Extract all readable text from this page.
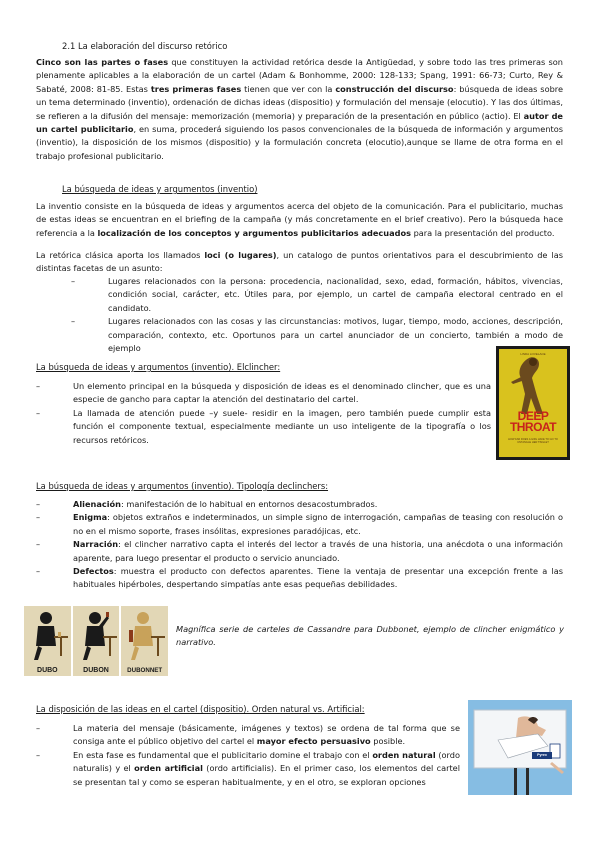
2.1 La elaboración del discurso retórico

Cinco son las partes o fases que constituyen la actividad retórica desde la Antigüedad, y sobre todo las tres primeras son plenamente aplicables a la elaboración de un cartel (Adam & Bonhomme, 2000: 128-133; Spang, 1991: 66-73; Curto, Rey & Sabaté, 2008: 81-85. Estas tres primeras fases tienen que ver con la construcción del discurso: búsqueda de ideas sobre un tema determinado (inventio), ordenación de dichas ideas (dispositio) y formulación del mensaje (elocutio). Y las dos últimas, se refieren a la difusión del mensaje: memorización (memoria) y preparación de la presentación en público (actio). El autor de un cartel publicitario, en suma, procederá siguiendo los pasos convencionales de la búsqueda de información y argumentos (inventio), la disposición de los mismos (dispositio) y la formulación concreta (elocutio),aunque se llame de otra forma en el trabajo profesional publicitario.

La búsqueda de ideas y argumentos (inventio)

La inventio consiste en la búsqueda de ideas y argumentos acerca del objeto de la comunicación. Para el publicitario, muchas de estas ideas se encuentran en el briefing de la campaña (y más concretamente en el brief creativo). Pero la búsqueda hace referencia a la localización de los conceptos y argumentos publicitarios adecuados para la presentación del producto.

La retórica clásica aporta los llamados loci (o lugares), un catalogo de puntos orientativos para el descubrimiento de las distintas facetas de un asunto:

–	Lugares relacionados con la persona: procedencia, nacionalidad, sexo, edad, formación, hábitos, vivencias, condición social, carácter, etc. Útiles para, por ejemplo, un cartel de campaña electoral centrado en el candidato.
–	Lugares relacionados con las cosas y las circunstancias: motivos, lugar, tiempo, modo, acciones, descripción, comparación, contexto, etc. Oportunos para un cartel anunciador de un concierto, también a modo de ejemplo

La búsqueda de ideas y argumentos (inventio). Elclincher:

–	Un elemento principal en la búsqueda y disposición de ideas es el denominado clincher, que es una especie de gancho para captar la atención del destinatario del cartel.
–	La llamada de atención puede –y suele- residir en la imagen, pero también puede cumplir esta función el componente textual, especialmente mediante un uso inteligente de la tipografía o los recursos retóricos.
LINDA LOVELACE
DEEP
THROAT
HOW FAR DOES A GIRL HAVE TO GO TO UNTANGLE HER TINGLE?

La búsqueda de ideas y argumentos (inventio). Tipología declinchers:

–	Alienación: manifestación de lo habitual en entornos desacostumbrados.
–	Enigma: objetos extraños e indeterminados, un simple signo de interrogación, campañas de teasing con resolución o no en el mismo soporte, frases insólitas, expresiones paradójicas, etc.
–	Narración: el clincher narrativo capta el interés del lector a través de una historia, una anécdota o una información aparente, para luego presentar el producto o servicio anunciado.
–	Defectos: muestra el producto con defectos aparentes. Tiene la ventaja de presentar una excepción frente a las habituales hipérboles, despertando simpatías ante esas pequeñas debilidades.
DUBO	DUBON	DUBONNET

Magnífica serie de carteles de Cassandre para Dubbonet, ejemplo de clincher enigmático y narrativo.

La disposición de las ideas en el cartel (dispositio). Orden natural vs. Artificial:

–	La materia del mensaje (básicamente, imágenes y textos) se ordena de tal forma que se consiga ante el público objetivo del cartel el mayor efecto persuasivo posible.
–	En esta fase es fundamental que el publicitario domine el trabajo con el orden natural (ordo naturalis) y el orden artificial (ordo artificialis). En el primer caso, los elementos del cartel se presentan tal y como se esperan habitualmente, y en el otro, se exploran opciones
Pyrex
